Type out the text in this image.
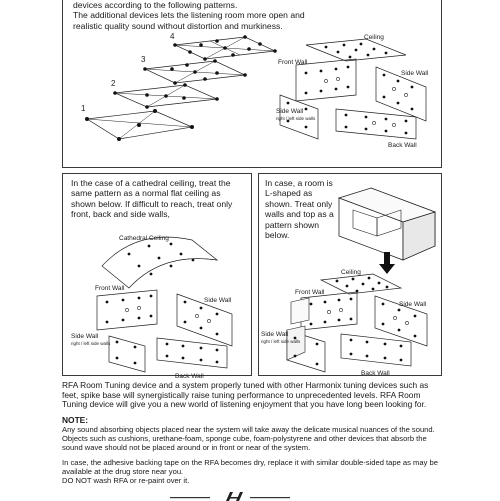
devices according to the following patterns.
The additional devices lets the listening room more open and
realistic quality sound without distortion and murkiness.
1
2
3
4	Ceiling
Front Wall
Side Wall
Side Wall
right / left side walls
Back Wall

In the case of a cathedral ceiling, treat the same pattern as a normal flat ceiling as shown below. If difficult to reach, treat only front, back and side walls,

Cathedral Ceiling
Front Wall
Side Wall
Side Wall
right / left side walls
Back Wall

In case, a room is L-shaped as shown. Treat only walls and top as a pattern shown below.

Ceiling
Front Wall
Side Wall
Side Wall
right / left side walls
Back Wall

RFA Room Tuning device and a system properly tuned with other Harmonix tuning devices such as feet, spike base will synergistically raise tuning performance to unprecedented levels. RFA Room Tuning device will give you a new world of listening enjoyment that you have long been looking for.

NOTE:

Any sound absorbing objects placed near the system will take away the delicate musical nuances of the sound. Objects such as cushions, urethane-foam, sponge cube, foam-polystyrene and other devices that absorb the sound wave should not be placed around or in front or near of the system.

In case, the adhesive backing tape on the RFA becomes dry, replace it with similar double-sided tape as may be available at the drug store near you.

DO NOT wash RFA or re-paint over it.
